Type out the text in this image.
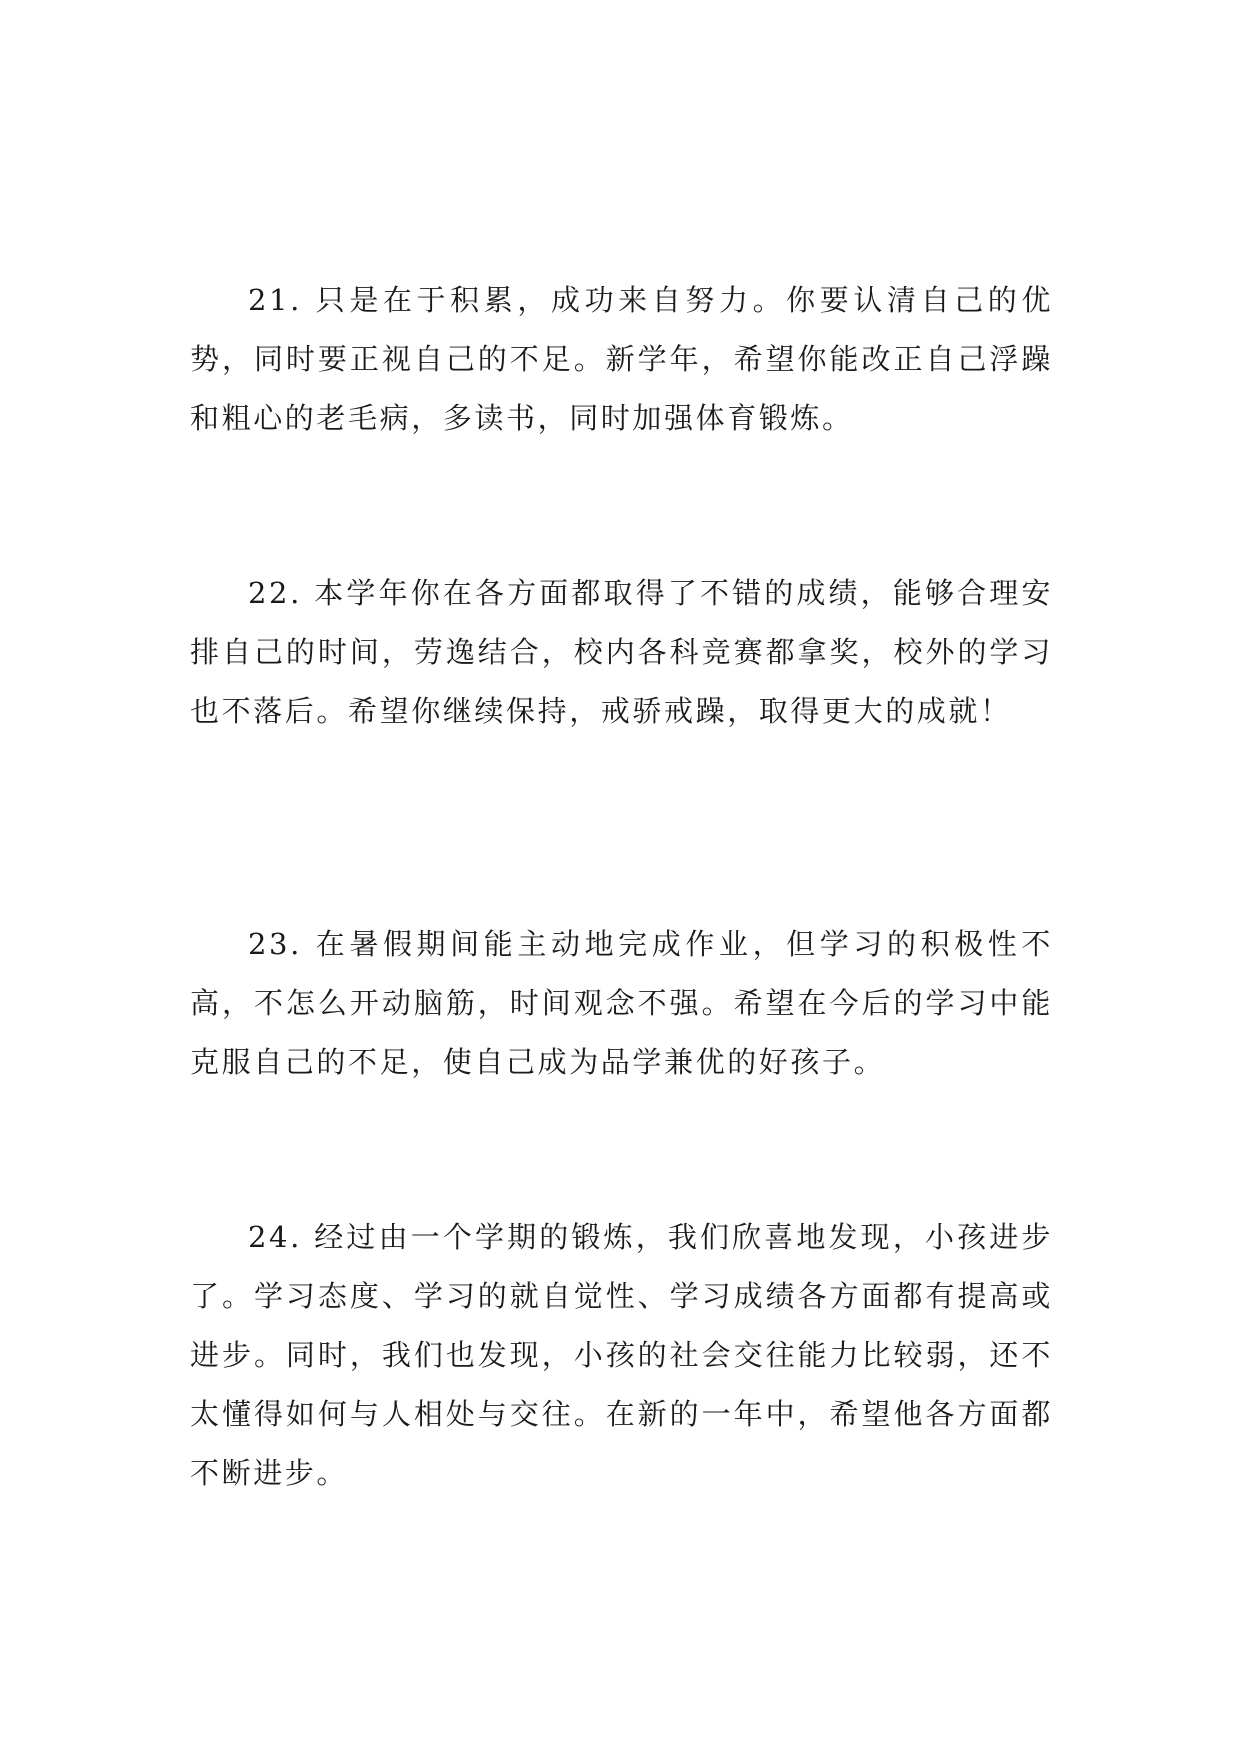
21. 只是在于积累，成功来自努力。你要认清自己的优势，同时要正视自己的不足。新学年，希望你能改正自己浮躁和粗心的老毛病，多读书，同时加强体育锻炼。

22. 本学年你在各方面都取得了不错的成绩，能够合理安排自己的时间，劳逸结合，校内各科竞赛都拿奖，校外的学习也不落后。希望你继续保持，戒骄戒躁，取得更大的成就！

23. 在暑假期间能主动地完成作业，但学习的积极性不高，不怎么开动脑筋，时间观念不强。希望在今后的学习中能克服自己的不足，使自己成为品学兼优的好孩子。

24. 经过由一个学期的锻炼，我们欣喜地发现，小孩进步了。学习态度、学习的就自觉性、学习成绩各方面都有提高或进步。同时，我们也发现，小孩的社会交往能力比较弱，还不太懂得如何与人相处与交往。在新的一年中，希望他各方面都不断进步。
